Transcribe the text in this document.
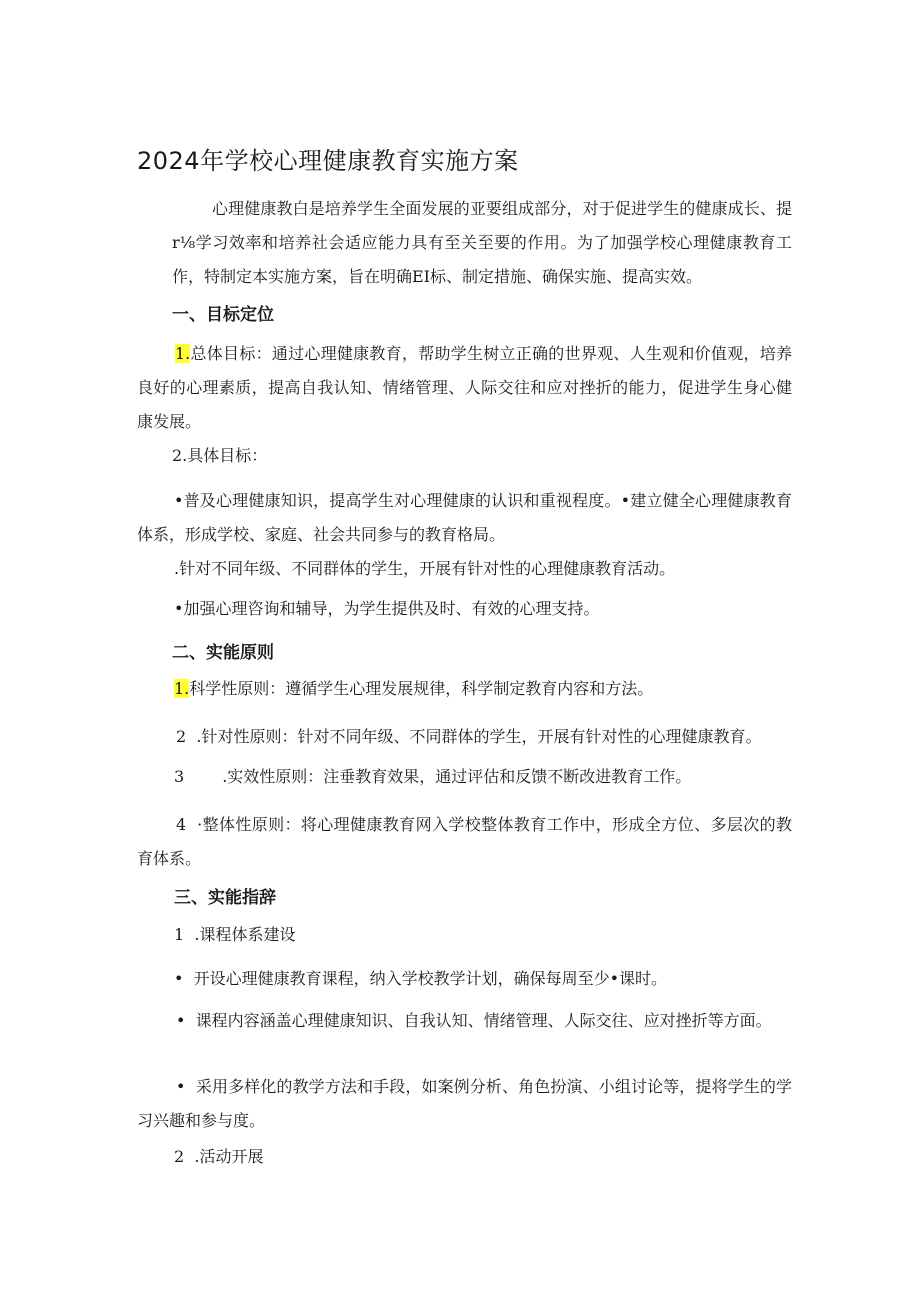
2024年学校心理健康教育实施方案

心理健康教白是培养学生全面发展的亚要组成部分，对于促进学生的健康成长、提r⅛学习效率和培养社会适应能力具有至关至要的作用。为了加强学校心理健康教育工作，特制定本实施方案，旨在明确EI标、制定措施、确保实施、提高实效。

一、目标定位

1.总体目标：通过心理健康教育，帮助学生树立正确的世界观、人生观和价值观，培养良好的心理素质，提高自我认知、情绪管理、人际交往和应对挫折的能力，促进学生身心健康发展。

2.具体目标：

•普及心理健康知识，提高学生对心理健康的认识和重视程度。•建立健全心理健康教育体系，形成学校、家庭、社会共同参与的教育格局。

.针对不同年级、不同群体的学生，开展有针对性的心理健康教育活动。

•加强心理咨询和辅导，为学生提供及时、有效的心理支持。

二、实能原则

1.科学性原则：遵循学生心理发展规律，科学制定教育内容和方法。

2  .针对性原则：针对不同年级、不同群体的学生，开展有针对性的心理健康教育。

3 .实效性原则：注垂教育效果，通过评估和反馈不断改进教育工作。

4  ·整体性原则：将心理健康教育网入学校整体教育工作中，形成全方位、多层次的教育体系。

三、实能指辞

1  .课程体系建设

•  开设心理健康教育课程，纳入学校教学计划，确保每周至少•课时。

•  课程内容涵盖心理健康知识、自我认知、情绪管理、人际交往、应对挫折等方面。

•  采用多样化的教学方法和手段，如案例分析、角色扮演、小组讨论等，提将学生的学习兴趣和参与度。

2  .活动开展
